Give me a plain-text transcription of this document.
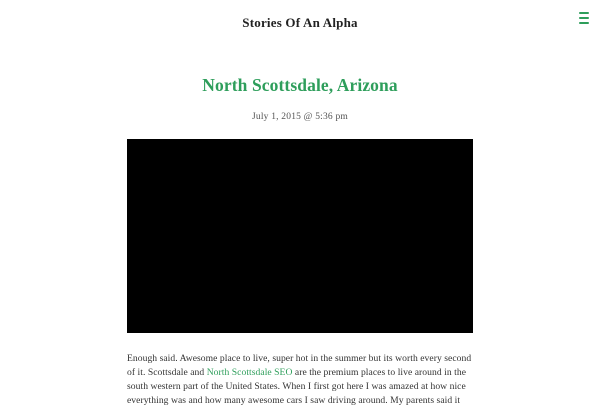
Stories Of An Alpha
North Scottsdale, Arizona
July 1, 2015 @ 5:36 pm
Enough said. Awesome place to live, super hot in the summer but its worth every second of it. Scottsdale and North Scottsdale SEO are the premium places to live around in the south western part of the United States. When I first got here I was amazed at how nice everything was and how many awesome cars I saw driving around. My parents said it
